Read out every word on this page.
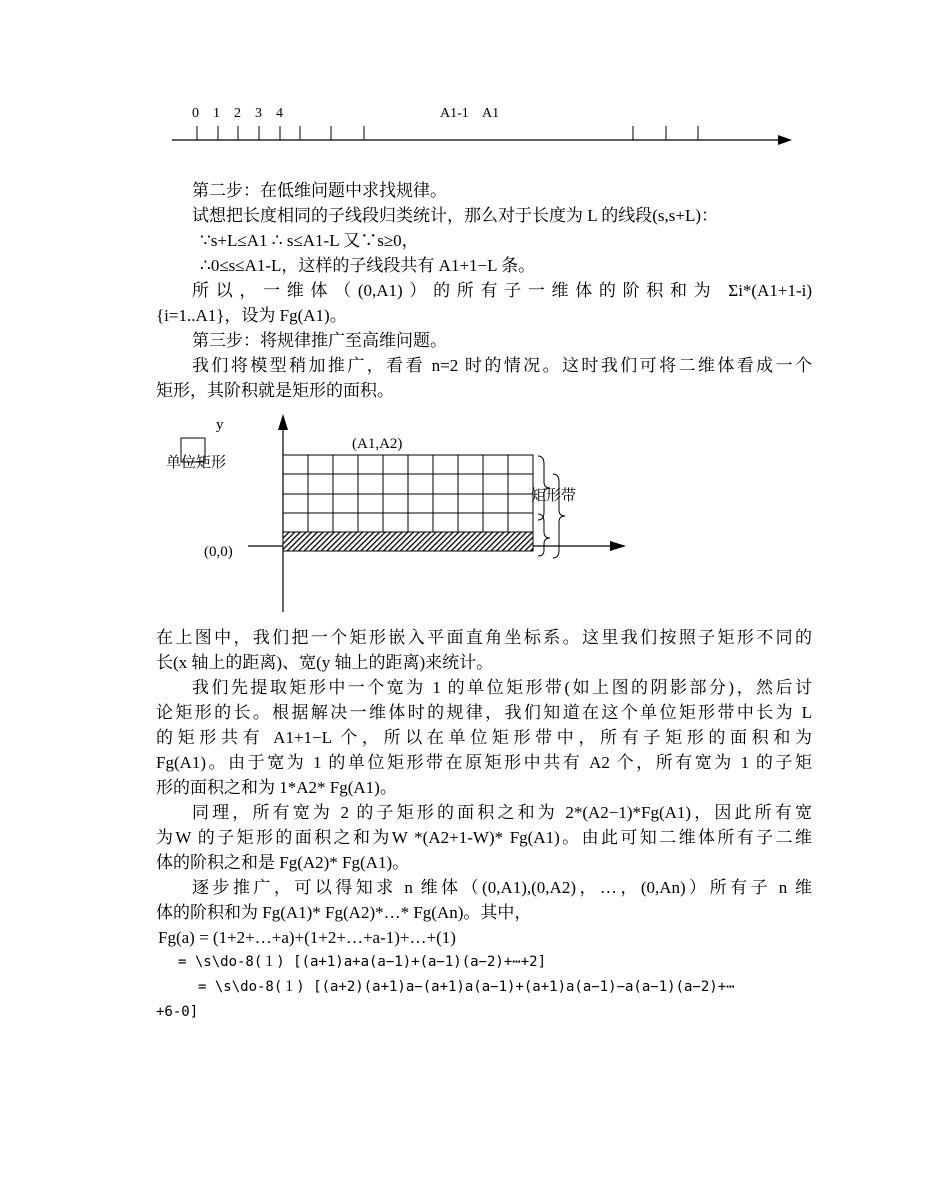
0 1 2 3 4	A1-1 A1
第二步：在低维问题中求找规律。
试想把长度相同的子线段归类统计，那么对于长度为 L 的线段(s,s+L)：
∵s+L≤A1 ∴ s≤A1-L 又∵s≥0，
∴0≤s≤A1-L，这样的子线段共有 A1+1−L 条。
所以，一维体（(0,A1)）的所有子一维体的阶积和为 Σi*(A1+1-i)
{i=1..A1}，设为 Fg(A1)。
第三步：将规律推广至高维问题。
我们将模型稍加推广，看看 n=2 时的情况。这时我们可将二维体看成一个
矩形，其阶积就是矩形的面积。
y
(A1,A2)
(0,0)
单位矩形
矩形带
在上图中，我们把一个矩形嵌入平面直角坐标系。这里我们按照子矩形不同的
长(x 轴上的距离)、宽(y 轴上的距离)来统计。
我们先提取矩形中一个宽为 1 的单位矩形带(如上图的阴影部分)，然后讨
论矩形的长。根据解决一维体时的规律，我们知道在这个单位矩形带中长为 L
的矩形共有 A1+1−L 个，所以在单位矩形带中，所有子矩形的面积和为
Fg(A1)。由于宽为 1 的单位矩形带在原矩形中共有 A2 个，所有宽为 1 的子矩
形的面积之和为 1*A2* Fg(A1)。
同理，所有宽为 2 的子矩形的面积之和为 2*(A2−1)*Fg(A1)，因此所有宽
为W 的子矩形的面积之和为W *(A2+1-W)* Fg(A1)。由此可知二维体所有子二维
体的阶积之和是 Fg(A2)* Fg(A1)。
逐步推广，可以得知求 n 维体（(0,A1),(0,A2)，…，(0,An)）所有子 n 维
体的阶积和为 Fg(A1)* Fg(A2)*…* Fg(An)。其中，
Fg(a) = (1+2+…+a)+(1+2+…+a-1)+…+(1)
= \s\do-8(１) [(a+1)a+a(a−1)+(a−1)(a−2)+⋯+2]
= \s\do-8(１) [(a+2)(a+1)a−(a+1)a(a−1)+(a+1)a(a−1)−a(a−1)(a−2)+⋯
+6-0]
